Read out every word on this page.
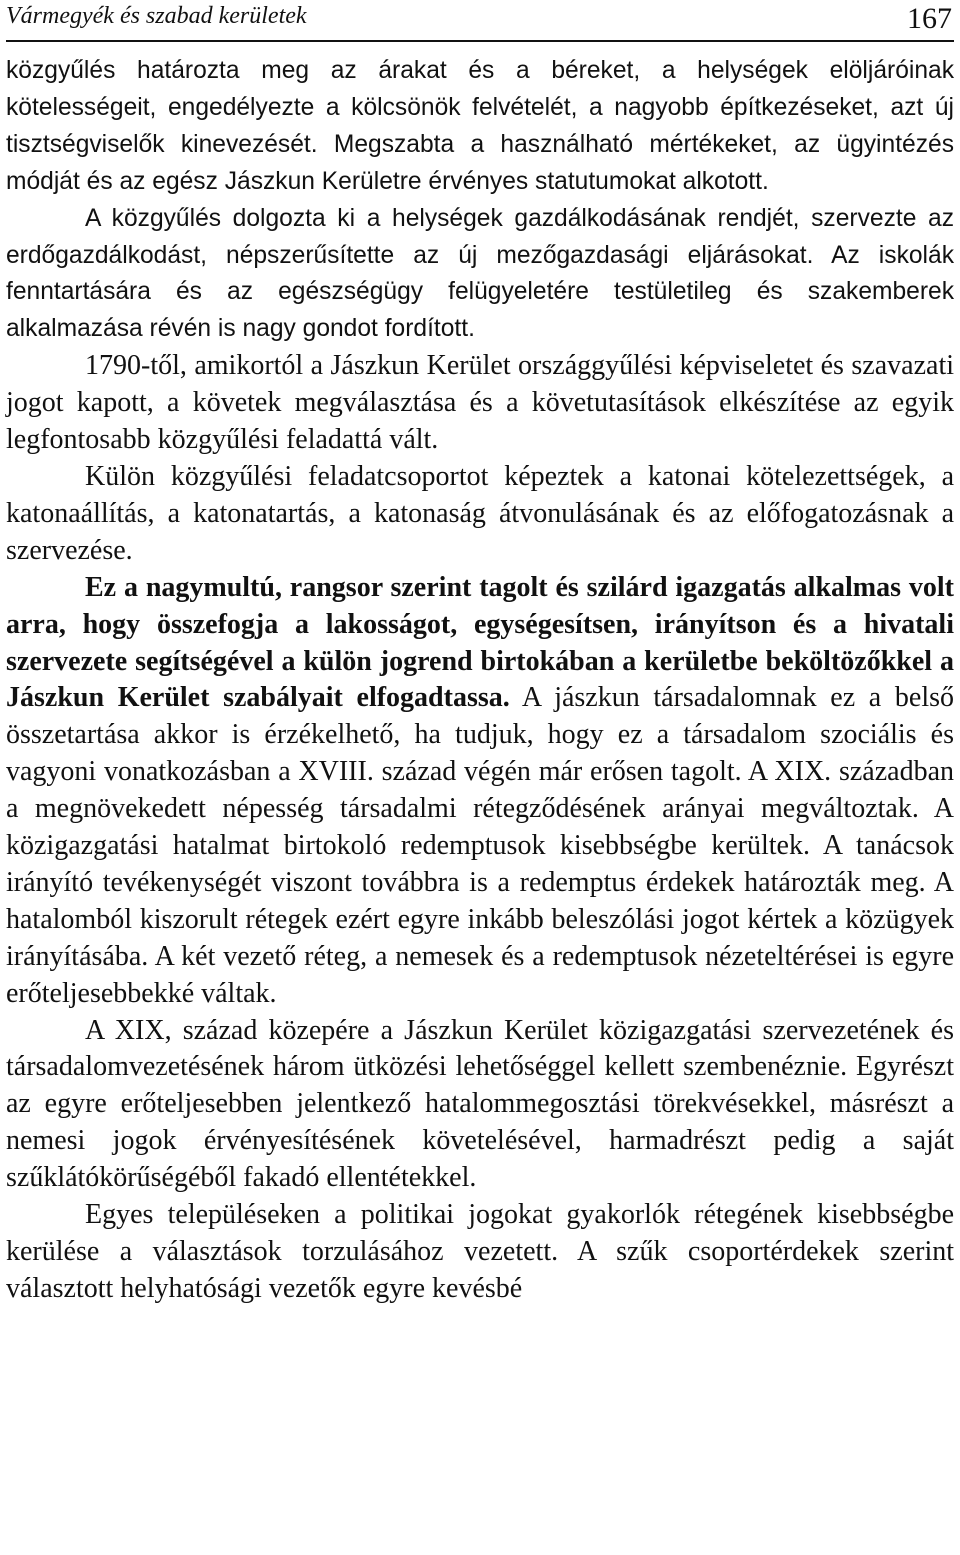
Vármegyék és szabad kerületek	167

közgyűlés határozta meg az árakat és a béreket, a helységek elöljáróinak kötelességeit, engedélyezte a kölcsönök felvételét, a nagyobb építkezéseket, azt új tisztségviselők kinevezését. Megszabta a használható mértékeket, az ügyintézés módját és az egész Jászkun Kerületre érvényes statutumokat alkotott.

A közgyűlés dolgozta ki a helységek gazdálkodásának rendjét, szervezte az erdőgazdálkodást, népszerűsítette az új mezőgazdasági eljárásokat. Az iskolák fenntartására és az egészségügy felügyeletére testületileg és szakemberek alkalmazása révén is nagy gondot fordított.

1790-től, amikortól a Jászkun Kerület országgyűlési képviseletet és szavazati jogot kapott, a követek megválasztása és a követutasítások elkészítése az egyik legfontosabb közgyűlési feladattá vált.

Külön közgyűlési feladatcsoportot képeztek a katonai kötelezettségek, a katonaállítás, a katonatartás, a katonaság átvonulásának és az előfogatozásnak a szervezése.

Ez a nagymultú, rangsor szerint tagolt és szilárd igazgatás alkalmas volt arra, hogy összefogja a lakosságot, egységesítsen, irányítson és a hivatali szervezete segítségével a külön jogrend birtokában a kerületbe beköltözőkkel a Jászkun Kerület szabályait elfogadtassa. A jászkun társadalomnak ez a belső összetartása akkor is érzékelhető, ha tudjuk, hogy ez a társadalom szociális és vagyoni vonatkozásban a XVIII. század végén már erősen tagolt. A XIX. században a megnövekedett népesség társadalmi rétegződésének arányai megváltoztak. A közigazgatási hatalmat birtokoló redemptusok kisebbségbe kerültek. A tanácsok irányító tevékenységét viszont továbbra is a redemptus érdekek határozták meg. A hatalomból kiszorult rétegek ezért egyre inkább beleszólási jogot kértek a közügyek irányításába. A két vezető réteg, a nemesek és a redemptusok nézeteltérései is egyre erőteljesebbekké váltak.

A XIX, század közepére a Jászkun Kerület közigazgatási szervezetének és társadalomvezetésének három ütközési lehetőséggel kellett szembenéznie. Egyrészt az egyre erőteljesebben jelentkező hatalommegosztási törekvésekkel, másrészt a nemesi jogok érvényesítésének követelésével, harmadrészt pedig a saját szűklátókörűségéből fakadó ellentétekkel.

Egyes településeken a politikai jogokat gyakorlók rétegének kisebbségbe kerülése a választások torzulásához vezetett. A szűk csoportérdekek szerint választott helyhatósági vezetők egyre kevésbé
